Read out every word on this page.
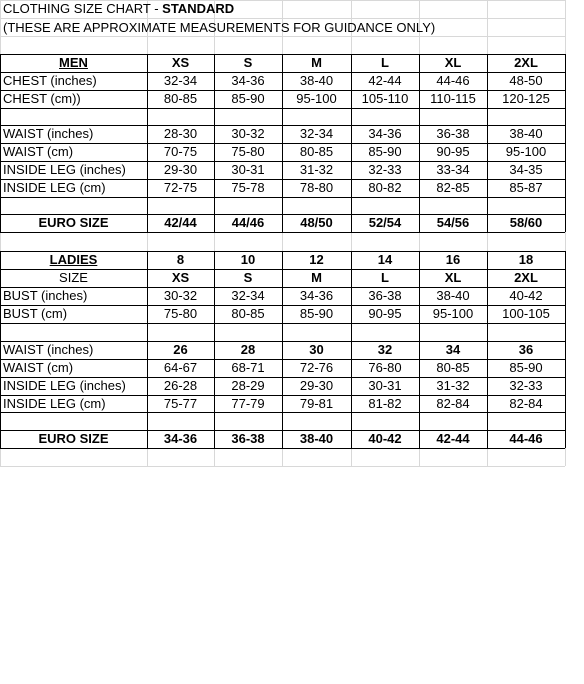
CLOTHING SIZE CHART - STANDARD
(THESE ARE APPROXIMATE MEASUREMENTS FOR GUIDANCE ONLY)
MEN	XS	S	M	L	XL	2XL
CHEST (inches)	32-34	34-36	38-40	42-44	44-46	48-50
CHEST (cm))	80-85	85-90	95-100	105-110	110-115	120-125
WAIST (inches)	28-30	30-32	32-34	34-36	36-38	38-40
WAIST (cm)	70-75	75-80	80-85	85-90	90-95	95-100
INSIDE LEG (inches)	29-30	30-31	31-32	32-33	33-34	34-35
INSIDE LEG (cm)	72-75	75-78	78-80	80-82	82-85	85-87
EURO SIZE	42/44	44/46	48/50	52/54	54/56	58/60
LADIES	8	10	12	14	16	18
SIZE	XS	S	M	L	XL	2XL
BUST (inches)	30-32	32-34	34-36	36-38	38-40	40-42
BUST (cm)	75-80	80-85	85-90	90-95	95-100	100-105
WAIST (inches)	26	28	30	32	34	36
WAIST (cm)	64-67	68-71	72-76	76-80	80-85	85-90
INSIDE LEG (inches)	26-28	28-29	29-30	30-31	31-32	32-33
INSIDE LEG (cm)	75-77	77-79	79-81	81-82	82-84	82-84
EURO SIZE	34-36	36-38	38-40	40-42	42-44	44-46
